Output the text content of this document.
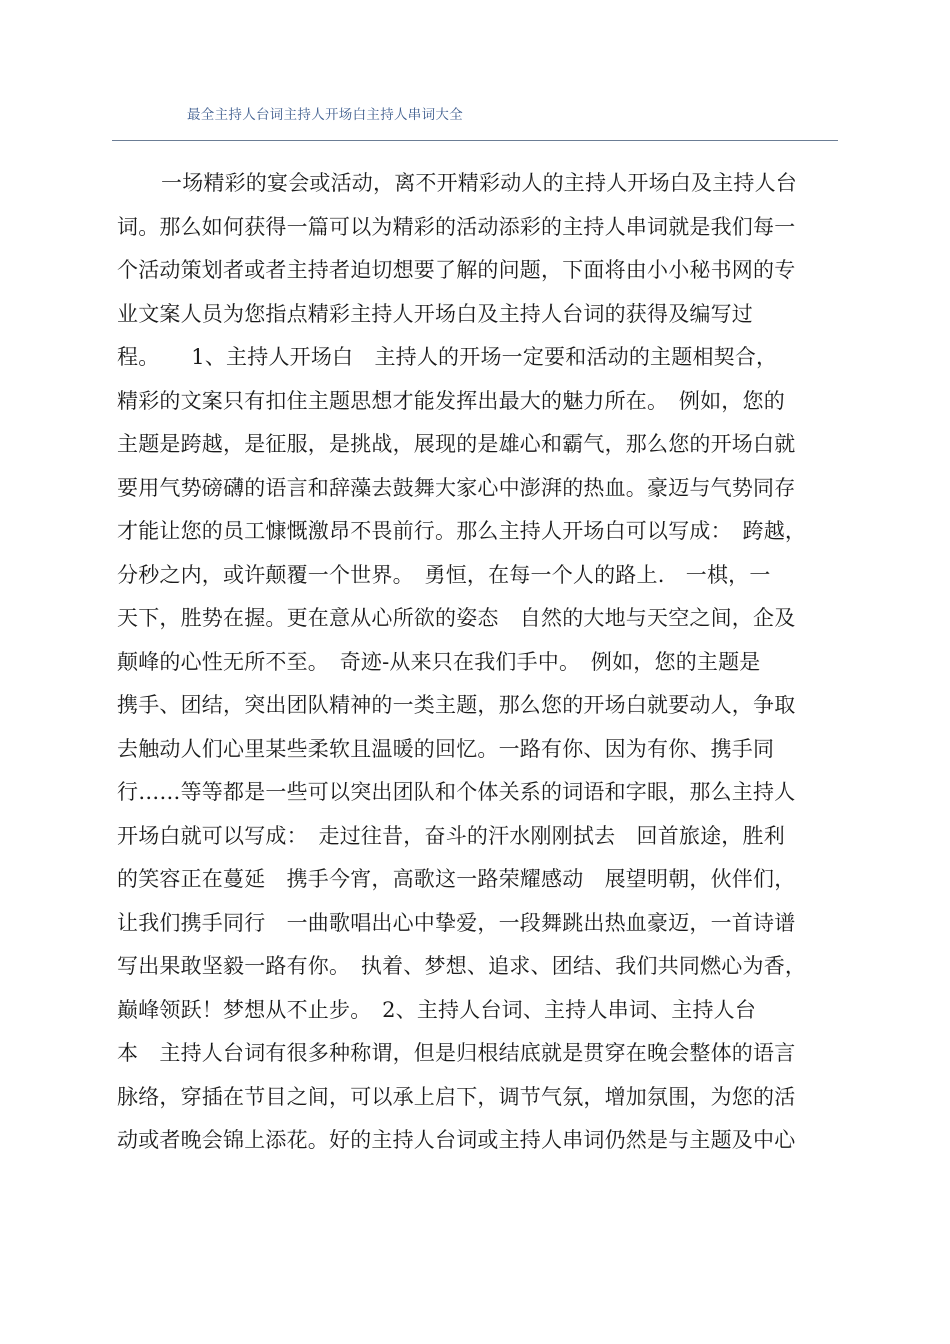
最全主持人台词主持人开场白主持人串词大全
一场精彩的宴会或活动，离不开精彩动人的主持人开场白及主持人台
词。那么如何获得一篇可以为精彩的活动添彩的主持人串词就是我们每一
个活动策划者或者主持者迫切想要了解的问题，下面将由小小秘书网的专
业文案人员为您指点精彩主持人开场白及主持人台词的获得及编写过
程。　　1、主持人开场白　主持人的开场一定要和活动的主题相契合，
精彩的文案只有扣住主题思想才能发挥出最大的魅力所在。　例如，您的
主题是跨越，是征服，是挑战，展现的是雄心和霸气，那么您的开场白就
要用气势磅礴的语言和辞藻去鼓舞大家心中澎湃的热血。豪迈与气势同存
才能让您的员工慷慨激昂不畏前行。那么主持人开场白可以写成：　跨越，
分秒之内，或许颠覆一个世界。　勇恒，在每一个人的路上.　一棋，一
天下，胜势在握。更在意从心所欲的姿态　自然的大地与天空之间，企及
颠峰的心性无所不至。　奇迹-从来只在我们手中。　例如，您的主题是
携手、团结，突出团队精神的一类主题，那么您的开场白就要动人，争取
去触动人们心里某些柔软且温暖的回忆。一路有你、因为有你、携手同
行……等等都是一些可以突出团队和个体关系的词语和字眼，那么主持人
开场白就可以写成：　走过往昔，奋斗的汗水刚刚拭去　回首旅途，胜利
的笑容正在蔓延　携手今宵，高歌这一路荣耀感动　展望明朝，伙伴们，
让我们携手同行　一曲歌唱出心中挚爱，一段舞跳出热血豪迈，一首诗谱
写出果敢坚毅一路有你。　执着、梦想、追求、团结、我们共同燃心为香，
巅峰领跃！梦想从不止步。　2、主持人台词、主持人串词、主持人台
本　主持人台词有很多种称谓，但是归根结底就是贯穿在晚会整体的语言
脉络，穿插在节目之间，可以承上启下，调节气氛，增加氛围，为您的活
动或者晚会锦上添花。好的主持人台词或主持人串词仍然是与主题及中心
